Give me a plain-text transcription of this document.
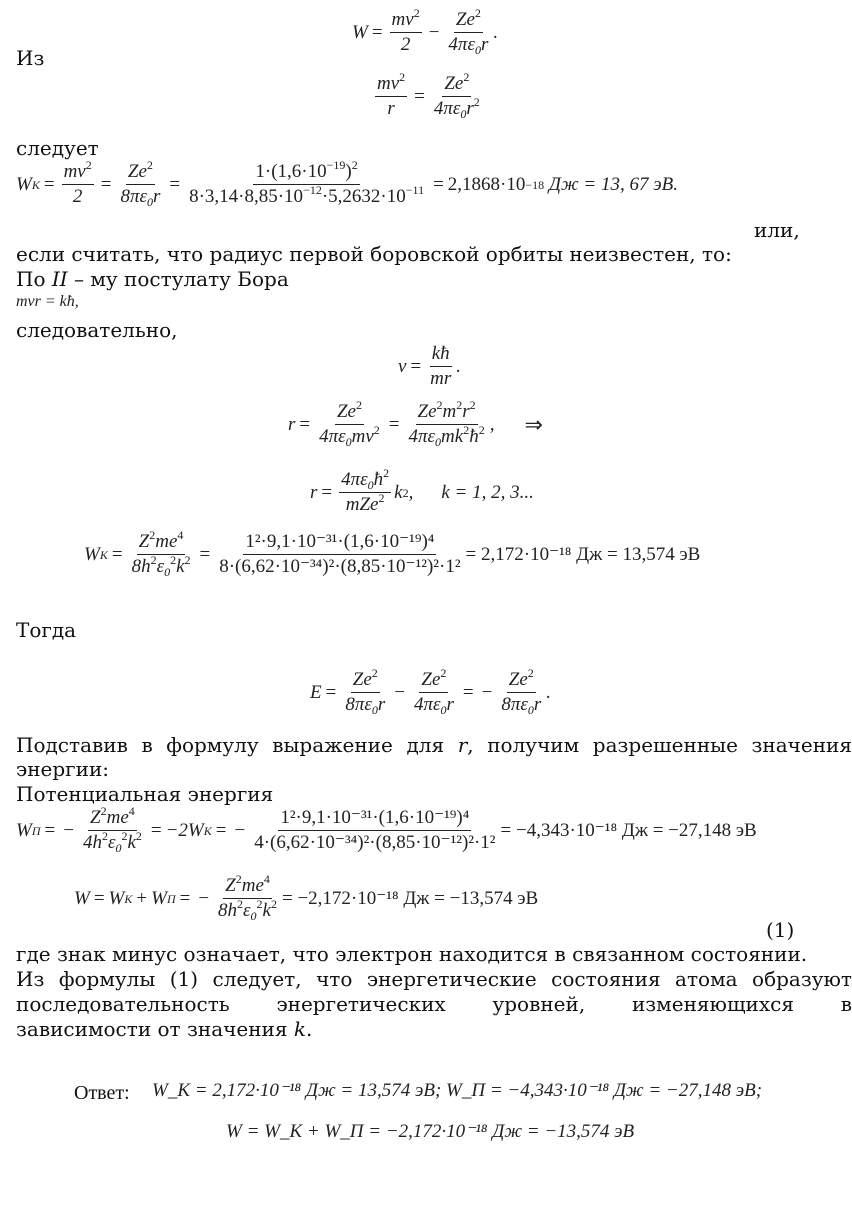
$W = \frac{mv^2}{2} - \frac{Ze^2}{4\pi\varepsilon_0r}$ .
Из
$\frac{mv^2}{r} = \frac{Ze^2}{4\pi\varepsilon_0r^2}$
следует
W $K = \frac{mv^2}{2} = \frac{Ze^2}{8\pi\varepsilon_0r} = \frac{1\cdot(1,6\cdot 10^{-19})^2}{8\cdot 3,14\cdot 8,85\cdot 10^{-12}\cdot 5,2632\cdot 10^{-11}} = 2,1868\cdot 10 -18$
Дж = 13, 67 эВ.
или,
если считать, что радиус первой боровской орбиты неизвестен, то:
По II – му постулату Бора
mvr = kħ,
следовательно,
$v = \frac{kħ}{mr}$ .
$r = \frac{Ze^2}{4\pi\varepsilon_0mv^2} = \frac{Ze^2m^2r^2}{4\pi\varepsilon_0mk^2ħ^2}$ , ⇒
r =
$4\pi\varepsilon_0ħ^2$
mZe$^2$ k 2 , k = 1, 2, 3...
W $K = \frac{Z^2me^4}{8h^2\varepsilon_0^2k^2} = \frac{\text{1²·9,1·10⁻³¹·(1,6·10⁻¹⁹)⁴}}{\text{8·(6,62·10⁻³⁴)²·(8,85·10⁻¹²)²·1²}} = 2,172\cdot 10^{-18}$ Дж = 13,574 эВ
Тогда
$E = \frac{Ze^2}{8\pi\varepsilon_0r} - \frac{Ze^2}{4\pi\varepsilon_0r}$ = − $\frac{Ze^2}{8\pi\varepsilon_0r}$ .
Подставив в формулу выражение для r, получим разрешенные значения
энергии:
Потенциальная энергия
W П = − $\frac{Z^2me^4}{4h^2\varepsilon_0^2k^2} = -2W$ K = − $\frac{\text{1²·9,1·10⁻³¹·(1,6·10⁻¹⁹)⁴}}{\text{4·(6,62·10⁻³⁴)²·(8,85·10⁻¹²)²·1²}} = -4,343\cdot 10^{-18}$ Дж = −27,148 эВ
W = W K + W П = − $\frac{Z^2me^4}{8h^2\varepsilon_0^2k^2} = -2,172\cdot 10^{-18}$ Дж = −13,574 эВ
(1)
где знак минус означает, что электрон находится в связанном состоянии.
Из формулы (1) следует, что энергетические состояния атома образуют
последовательность энергетических уровней, изменяющихся в
зависимости от значения k.
Ответ: W_K = 2,172·10⁻¹⁸ Дж = 13,574 эВ; W_П = −4,343·10⁻¹⁸ Дж = −27,148 эВ;
W = W_K + W_П = −2,172·10⁻¹⁸ Дж = −13,574 эВ
